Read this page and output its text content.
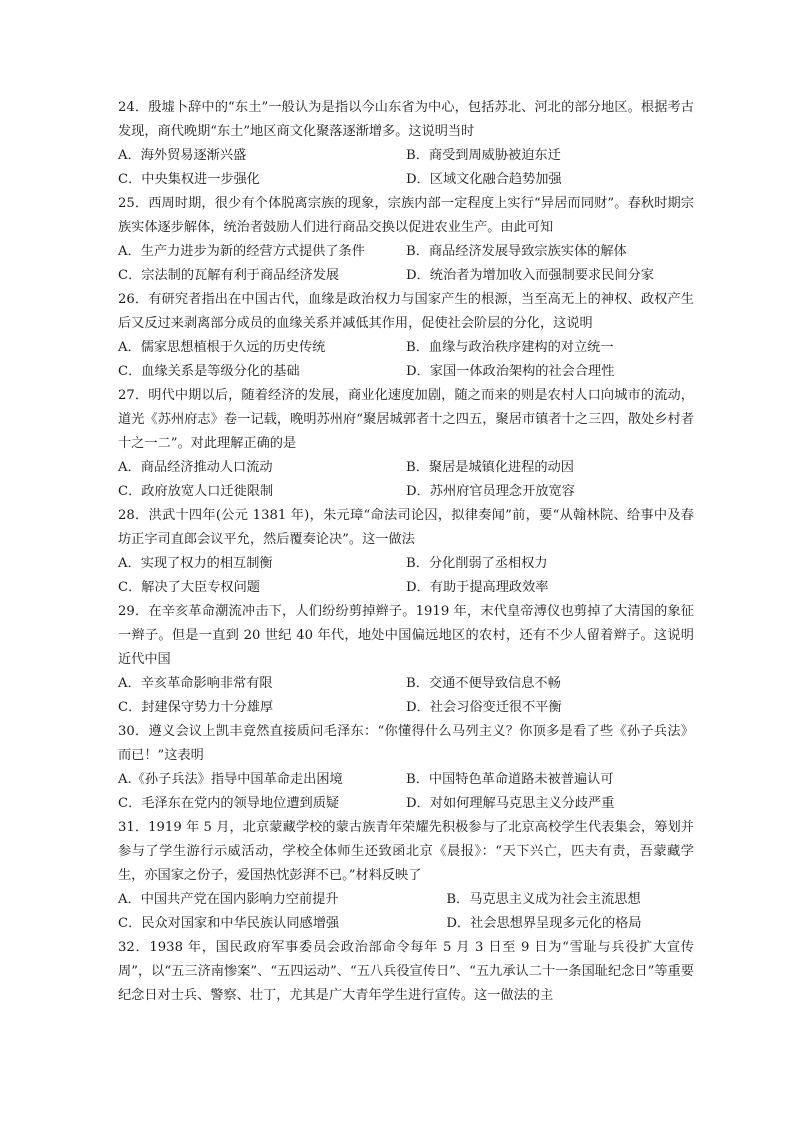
24．殷墟卜辞中的“东土”一般认为是指以今山东省为中心，包括苏北、河北的部分地区。根据考古发现，商代晚期“东土”地区商文化聚落逐渐增多。这说明当时

A．海外贸易逐渐兴盛	B．商受到周威胁被迫东迁
C．中央集权进一步强化	D．区域文化融合趋势加强

25．西周时期，很少有个体脱离宗族的现象，宗族内部一定程度上实行“异居而同财”。春秋时期宗族实体逐步解体，统治者鼓励人们进行商品交换以促进农业生产。由此可知

A．生产力进步为新的经营方式提供了条件	B．商品经济发展导致宗族实体的解体
C．宗法制的瓦解有利于商品经济发展	D．统治者为增加收入而强制要求民间分家

26．有研究者指出在中国古代，血缘是政治权力与国家产生的根源，当至高无上的神权、政权产生后又反过来剥离部分成员的血缘关系并减低其作用，促使社会阶层的分化，这说明

A．儒家思想植根于久远的历史传统	B．血缘与政治秩序建构的对立统一
C．血缘关系是等级分化的基础	D．家国一体政治架构的社会合理性

27．明代中期以后，随着经济的发展，商业化速度加剧，随之而来的则是农村人口向城市的流动，道光《苏州府志》卷一记载，晚明苏州府“聚居城郭者十之四五，聚居市镇者十之三四，散处乡村者十之一二”。对此理解正确的是

A．商品经济推动人口流动	B．聚居是城镇化进程的动因
C．政府放宽人口迁徙限制	D．苏州府官员理念开放宽容

28．洪武十四年(公元 1381 年)，朱元璋“命法司论囚，拟律奏闻”前，要“从翰林院、给事中及春坊正字司直郎会议平允，然后覆奏论决”。这一做法

A．实现了权力的相互制衡	B．分化削弱了丞相权力
C．解决了大臣专权问题	D．有助于提高理政效率

29．在辛亥革命潮流冲击下，人们纷纷剪掉辫子。1919 年，末代皇帝溥仪也剪掉了大清国的象征一辫子。但是一直到 20 世纪 40 年代，地处中国偏远地区的农村，还有不少人留着辫子。这说明近代中国

A．辛亥革命影响非常有限	B．交通不便导致信息不畅
C．封建保守势力十分雄厚	D．社会习俗变迁很不平衡

30．遵义会议上凯丰竟然直接质问毛泽东：“你懂得什么马列主义？你顶多是看了些《孙子兵法》而已！”这表明

A.《孙子兵法》指导中国革命走出困境	B．中国特色革命道路未被普遍认可
C．毛泽东在党内的领导地位遭到质疑	D．对如何理解马克思主义分歧严重

31．1919 年 5 月，北京蒙藏学校的蒙古族青年荣耀先积极参与了北京高校学生代表集会，筹划并参与了学生游行示威活动，学校全体师生还致函北京《晨报》：“天下兴亡，匹夫有责，吾蒙藏学生，亦国家之份子，爱国热忱彭湃不已。”材料反映了

A．中国共产党在国内影响力空前提升	B．马克思主义成为社会主流思想
C．民众对国家和中华民族认同感增强	D．社会思想界呈现多元化的格局

32．1938 年，国民政府军事委员会政治部命令每年 5 月 3 日至 9 日为“雪耻与兵役扩大宣传周”，以“五三济南惨案”、“五四运动”、“五八兵役宣传日”、“五九承认二十一条国耻纪念日”等重要纪念日对士兵、警察、壮丁，尤其是广大青年学生进行宣传。这一做法的主
